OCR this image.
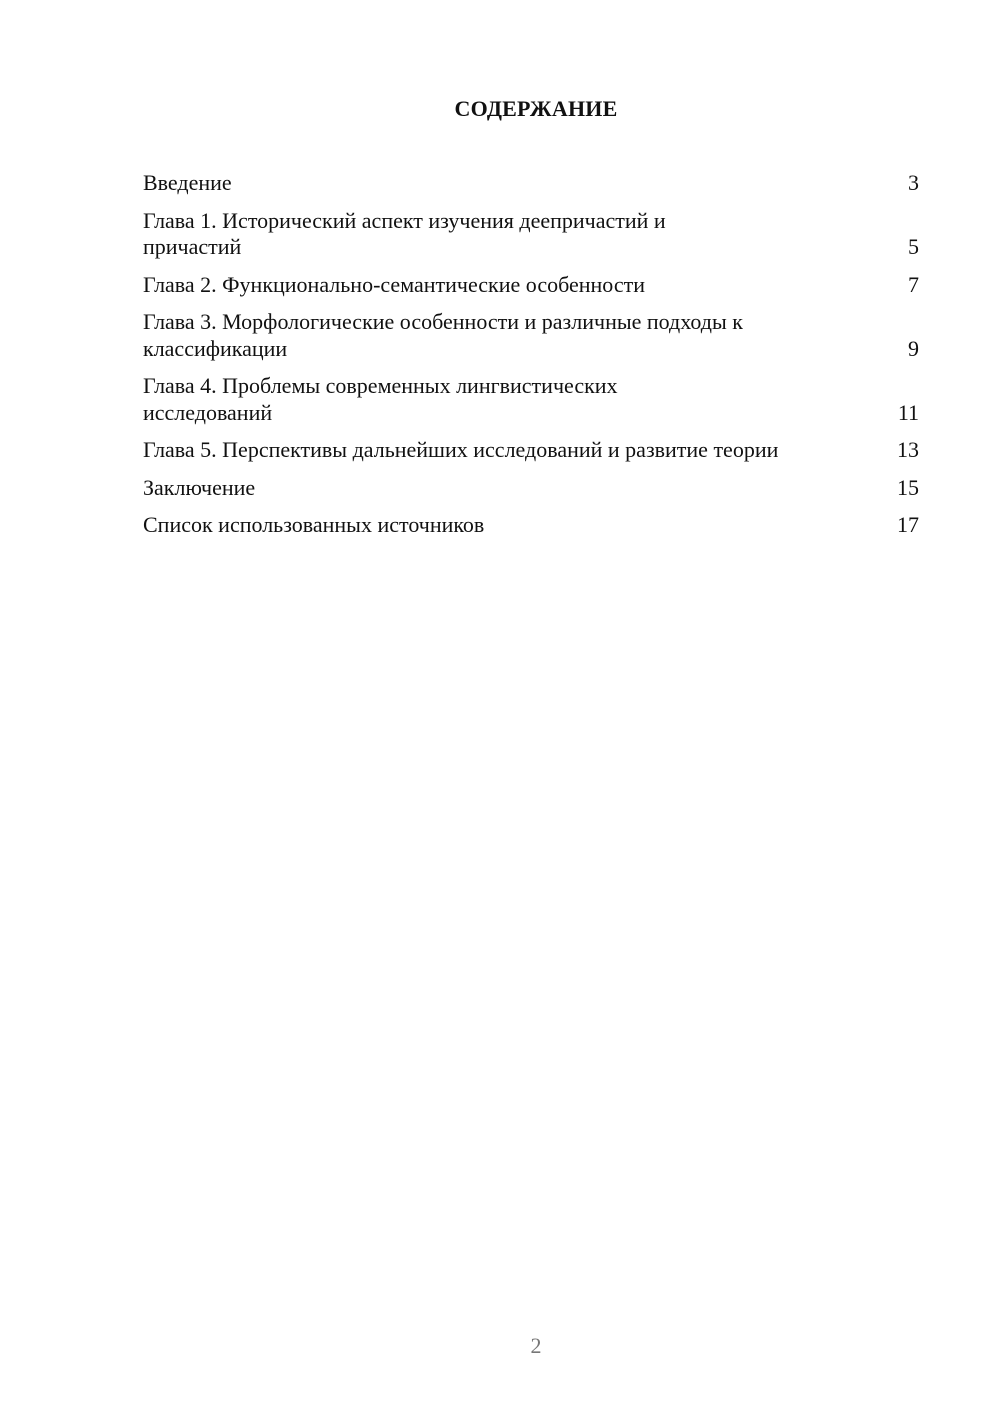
СОДЕРЖАНИЕ
Введение	3
Глава 1. Исторический аспект изучения деепричастий и причастий	5
Глава 2. Функционально-семантические особенности	7
Глава 3. Морфологические особенности и различные подходы к классификации	9
Глава 4. Проблемы современных лингвистических исследований	11
Глава 5. Перспективы дальнейших исследований и развитие теории	13
Заключение	15
Список использованных источников	17
2
